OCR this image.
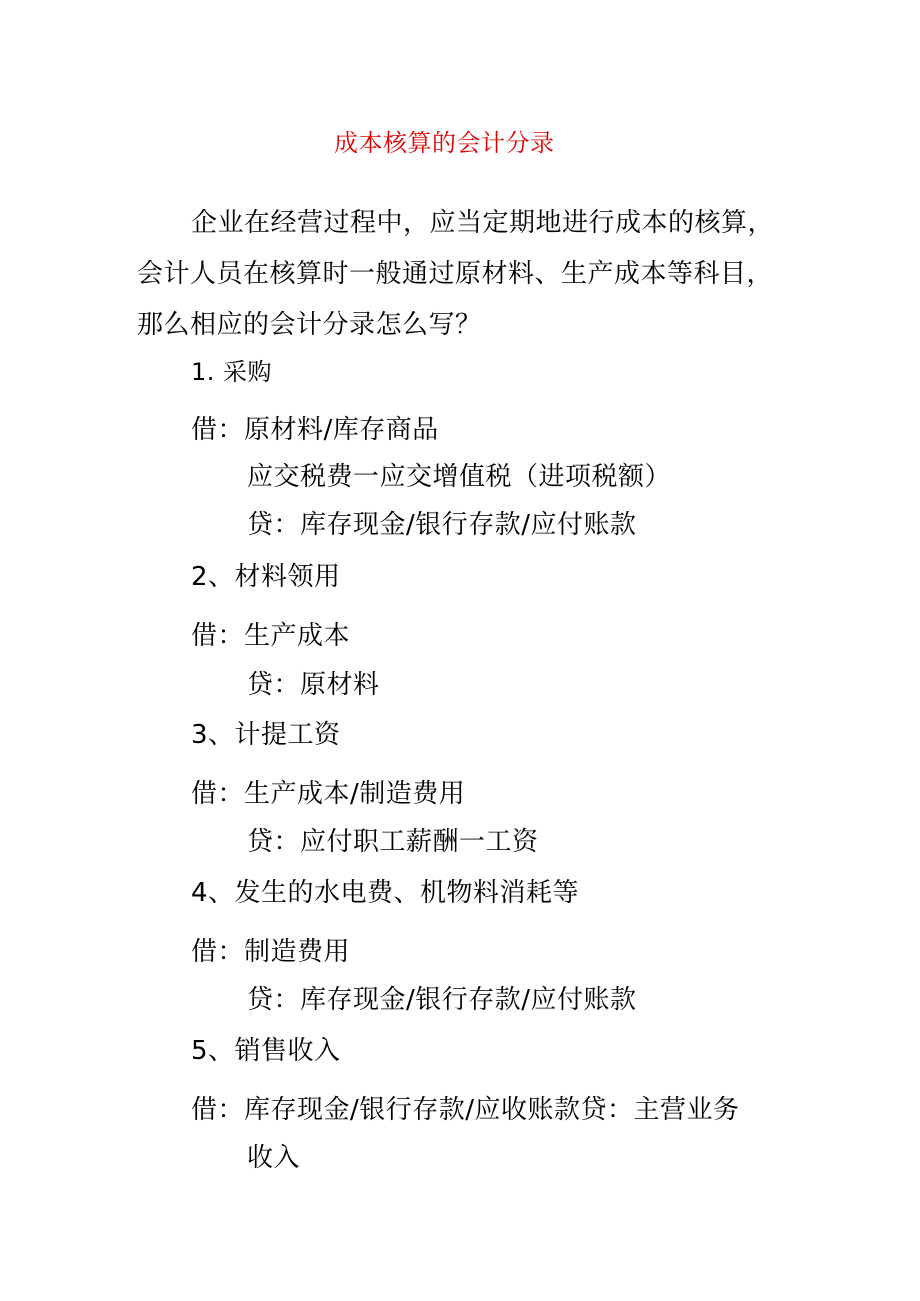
成本核算的会计分录
企业在经营过程中，应当定期地进行成本的核算，
会计人员在核算时一般通过原材料、生产成本等科目，
那么相应的会计分录怎么写？
1. 采购
借：原材料/库存商品
应交税费一应交增值税（进项税额）
贷：库存现金/银行存款/应付账款
2、材料领用
借：生产成本
贷：原材料
3、计提工资
借：生产成本/制造费用
贷：应付职工薪酬一工资
4、发生的水电费、机物料消耗等
借：制造费用
贷：库存现金/银行存款/应付账款
5、销售收入
借：库存现金/银行存款/应收账款贷：主营业务
收入
